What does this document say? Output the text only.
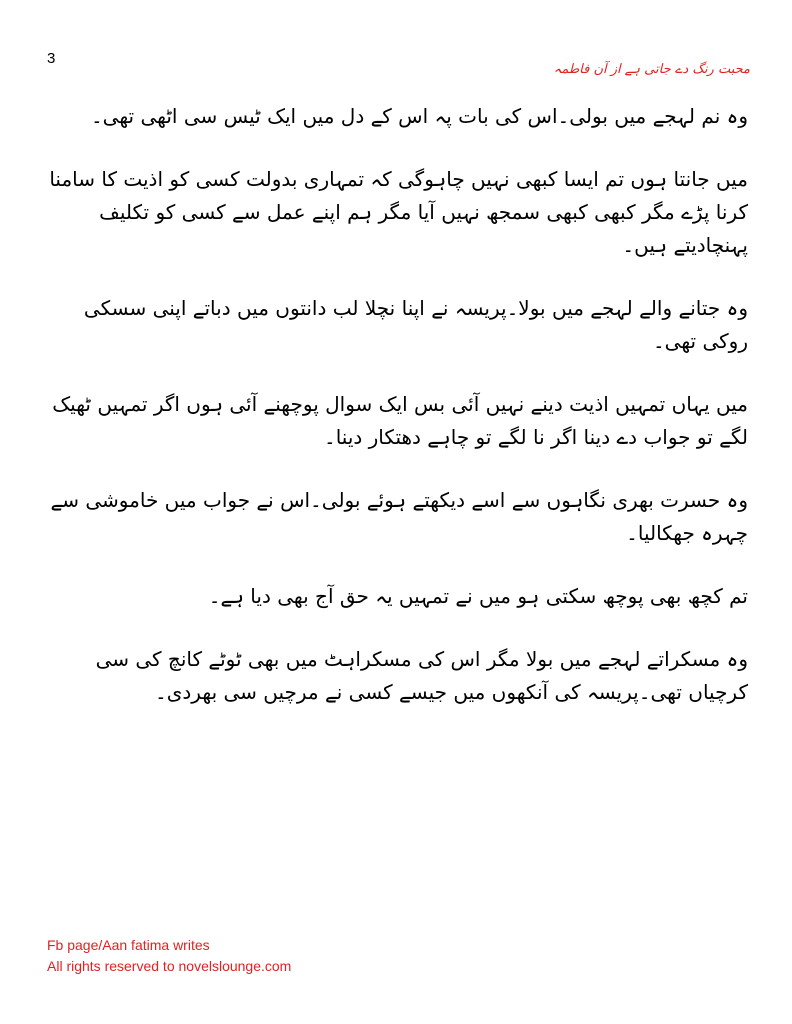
3
محبت رنگ دے جاتی ہے از آن فاطمہ

وہ نم لہجے میں بولی۔اس کی بات پہ اس کے دل میں ایک ٹیس سی اٹھی تھی۔

میں جانتا ہوں تم ایسا کبھی نہیں چاہوگی کہ تمہاری بدولت کسی کو اذیت کا سامنا کرنا پڑے مگر کبھی کبھی سمجھ نہیں آیا مگر ہم اپنے عمل سے کسی کو تکلیف پہنچادیتے ہیں۔

وہ جتانے والے لہجے میں بولا۔پریسہ نے اپنا نچلا لب دانتوں میں دباتے اپنی سسکی روکی تھی۔

میں یہاں تمہیں اذیت دینے نہیں آئی بس ایک سوال پوچھنے آئی ہوں اگر تمہیں ٹھیک لگے تو جواب دے دینا اگر نا لگے تو چاہے دھتکار دینا۔

وہ حسرت بھری نگاہوں سے اسے دیکھتے ہوئے بولی۔اس نے جواب میں خاموشی سے چہرہ جھکالیا۔

تم کچھ بھی پوچھ سکتی ہو میں نے تمہیں یہ حق آج بھی دیا ہے۔

وہ مسکراتے لہجے میں بولا مگر اس کی مسکراہٹ میں بھی ٹوٹے کانچ کی سی کرچیاں تھی۔پریسہ کی آنکھوں میں جیسے کسی نے مرچیں سی بھردی۔

Fb page/Aan fatima writes
All rights reserved to novelslounge.com
